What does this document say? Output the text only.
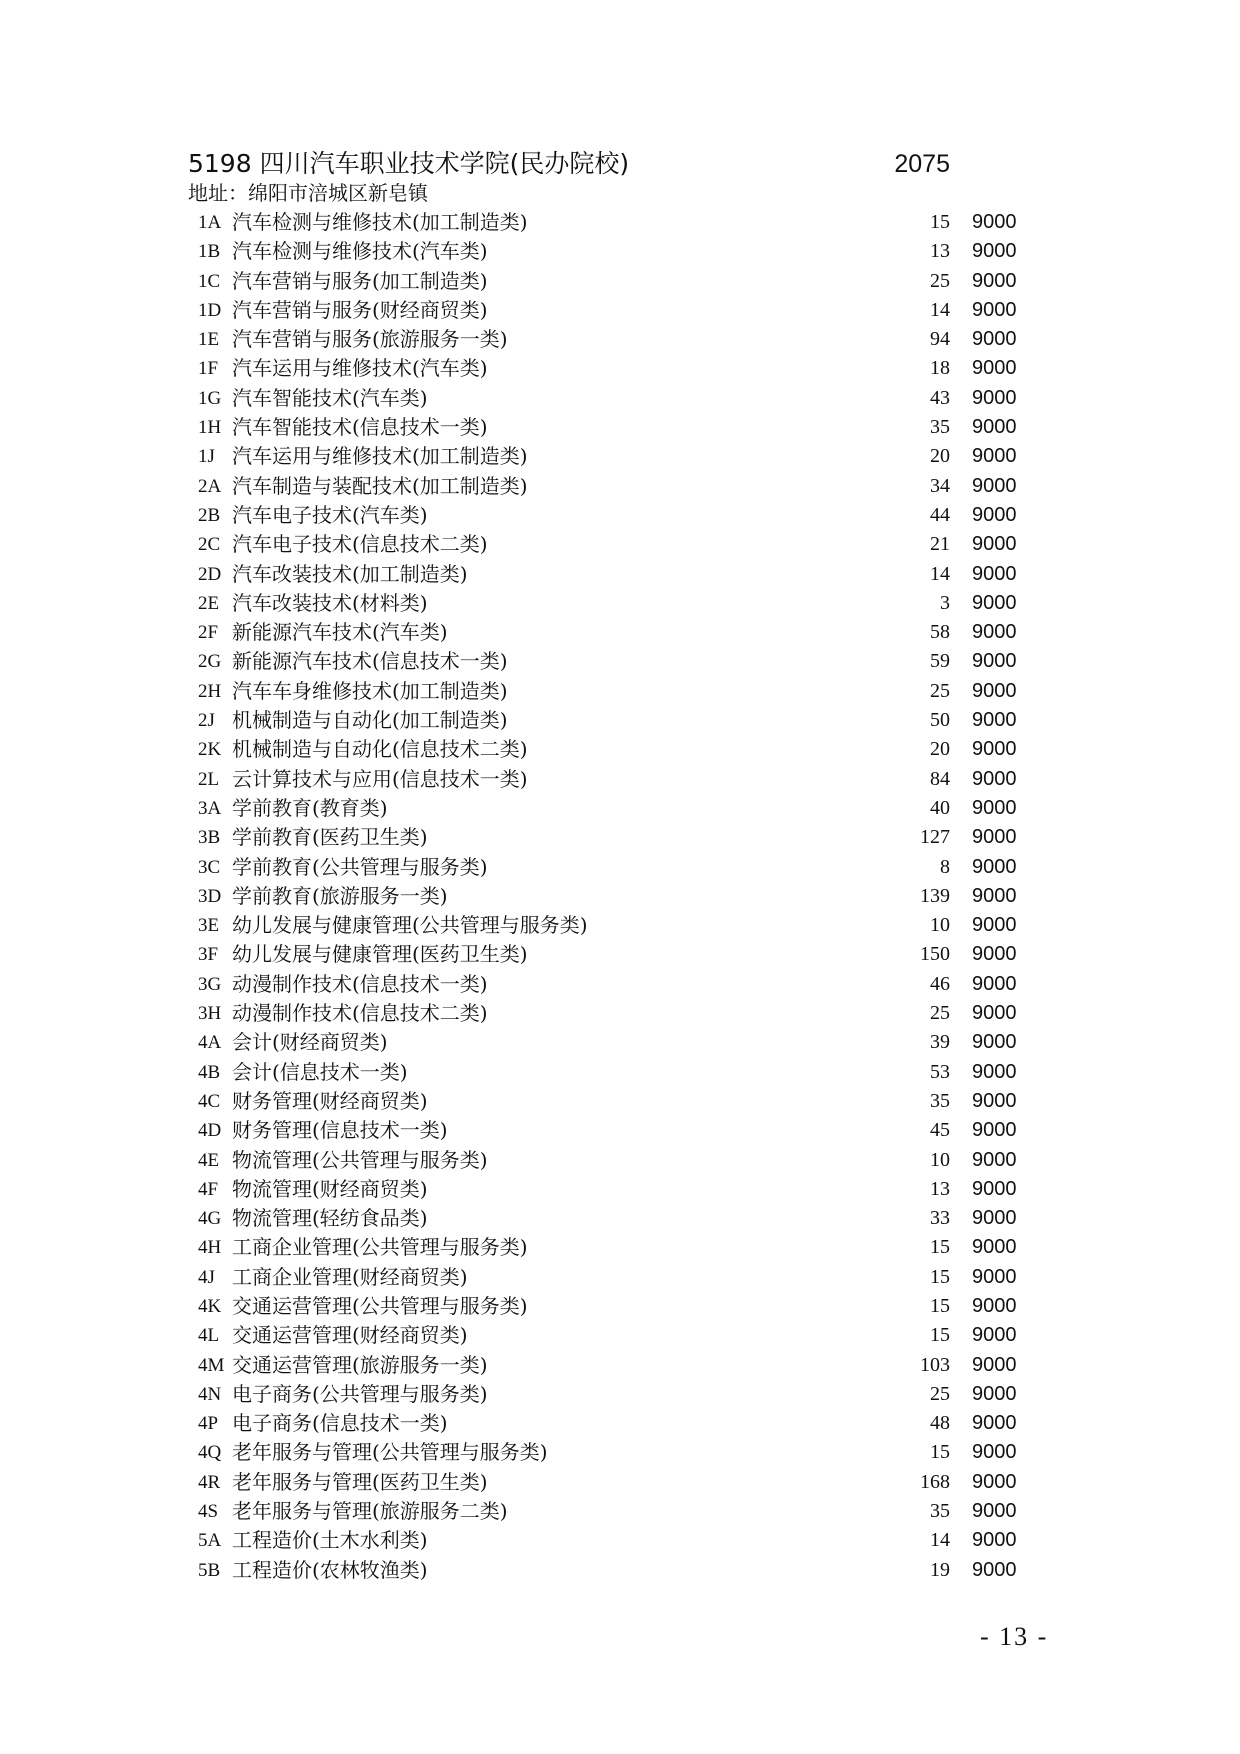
5198 四川汽车职业技术学院(民办院校)	2075
地址：绵阳市涪城区新皂镇
1A 汽车检测与维修技术(加工制造类)	15 9000
1B 汽车检测与维修技术(汽车类)	13 9000
1C 汽车营销与服务(加工制造类)	25 9000
1D 汽车营销与服务(财经商贸类)	14 9000
1E 汽车营销与服务(旅游服务一类)	94 9000
1F 汽车运用与维修技术(汽车类)	18 9000
1G 汽车智能技术(汽车类)	43 9000
1H 汽车智能技术(信息技术一类)	35 9000
1J 汽车运用与维修技术(加工制造类)	20 9000
2A 汽车制造与装配技术(加工制造类)	34 9000
2B 汽车电子技术(汽车类)	44 9000
2C 汽车电子技术(信息技术二类)	21 9000
2D 汽车改装技术(加工制造类)	14 9000
2E 汽车改装技术(材料类)	3 9000
2F 新能源汽车技术(汽车类)	58 9000
2G 新能源汽车技术(信息技术一类)	59 9000
2H 汽车车身维修技术(加工制造类)	25 9000
2J 机械制造与自动化(加工制造类)	50 9000
2K 机械制造与自动化(信息技术二类)	20 9000
2L 云计算技术与应用(信息技术一类)	84 9000
3A 学前教育(教育类)	40 9000
3B 学前教育(医药卫生类)	127 9000
3C 学前教育(公共管理与服务类)	8 9000
3D 学前教育(旅游服务一类)	139 9000
3E 幼儿发展与健康管理(公共管理与服务类)	10 9000
3F 幼儿发展与健康管理(医药卫生类)	150 9000
3G 动漫制作技术(信息技术一类)	46 9000
3H 动漫制作技术(信息技术二类)	25 9000
4A 会计(财经商贸类)	39 9000
4B 会计(信息技术一类)	53 9000
4C 财务管理(财经商贸类)	35 9000
4D 财务管理(信息技术一类)	45 9000
4E 物流管理(公共管理与服务类)	10 9000
4F 物流管理(财经商贸类)	13 9000
4G 物流管理(轻纺食品类)	33 9000
4H 工商企业管理(公共管理与服务类)	15 9000
4J 工商企业管理(财经商贸类)	15 9000
4K 交通运营管理(公共管理与服务类)	15 9000
4L 交通运营管理(财经商贸类)	15 9000
4M 交通运营管理(旅游服务一类)	103 9000
4N 电子商务(公共管理与服务类)	25 9000
4P 电子商务(信息技术一类)	48 9000
4Q 老年服务与管理(公共管理与服务类)	15 9000
4R 老年服务与管理(医药卫生类)	168 9000
4S 老年服务与管理(旅游服务二类)	35 9000
5A 工程造价(土木水利类)	14 9000
5B 工程造价(农林牧渔类)	19 9000
- 13 -
